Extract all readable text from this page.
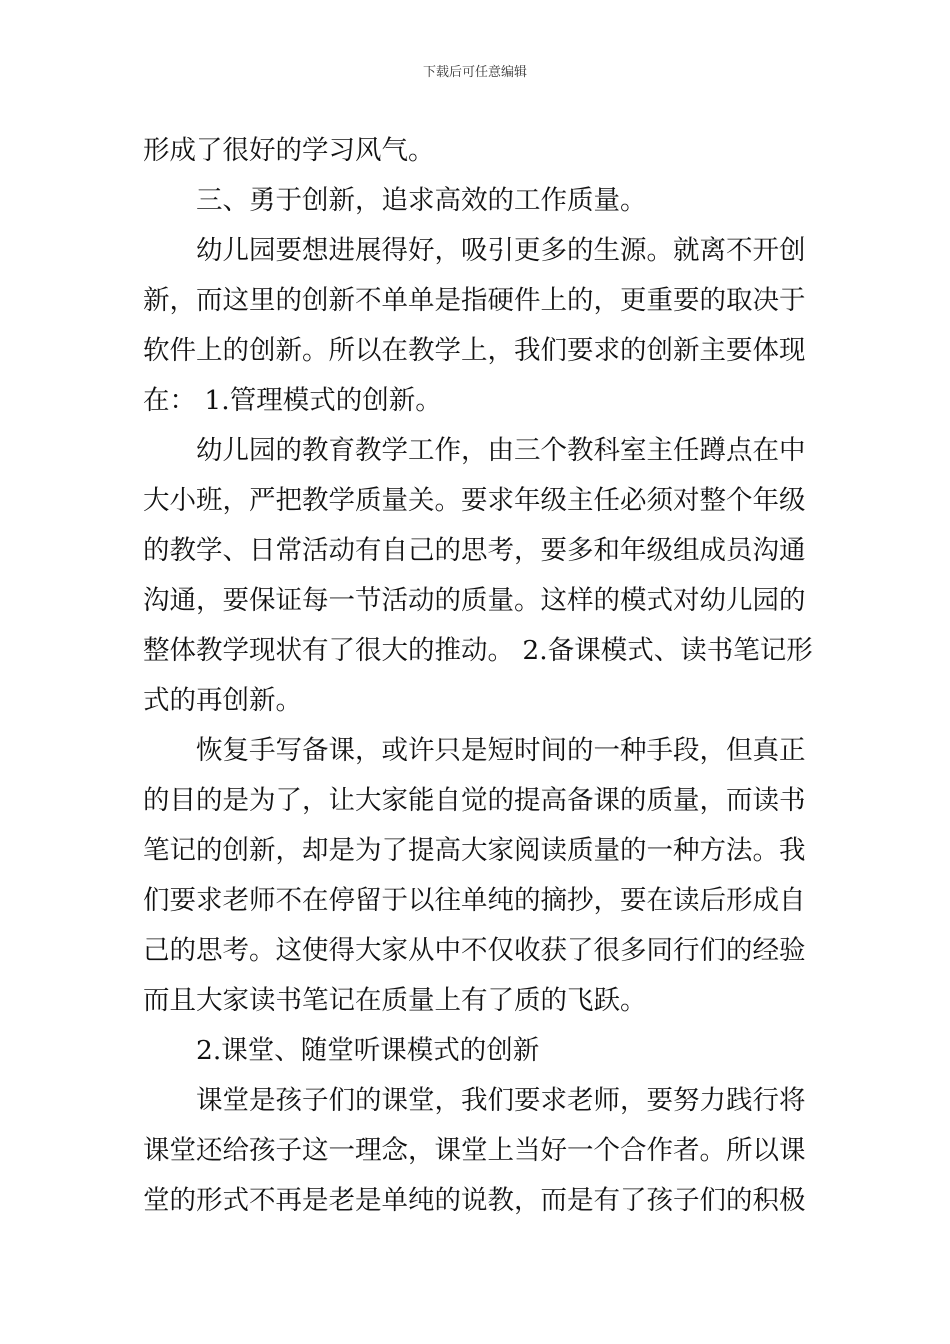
下载后可任意编辑
形成了很好的学习风气。
三、勇于创新，追求高效的工作质量。
幼儿园要想进展得好，吸引更多的生源。就离不开创
新，而这里的创新不单单是指硬件上的，更重要的取决于
软件上的创新。所以在教学上，我们要求的创新主要体现
在： 1.管理模式的创新。
幼儿园的教育教学工作，由三个教科室主任蹲点在中
大小班，严把教学质量关。要求年级主任必须对整个年级
的教学、日常活动有自己的思考，要多和年级组成员沟通
沟通，要保证每一节活动的质量。这样的模式对幼儿园的
整体教学现状有了很大的推动。 2.备课模式、读书笔记形
式的再创新。
恢复手写备课，或许只是短时间的一种手段，但真正
的目的是为了，让大家能自觉的提高备课的质量，而读书
笔记的创新，却是为了提高大家阅读质量的一种方法。我
们要求老师不在停留于以往单纯的摘抄，要在读后形成自
己的思考。这使得大家从中不仅收获了很多同行们的经验
而且大家读书笔记在质量上有了质的飞跃。
2.课堂、随堂听课模式的创新
课堂是孩子们的课堂，我们要求老师，要努力践行将
课堂还给孩子这一理念，课堂上当好一个合作者。所以课
堂的形式不再是老是单纯的说教，而是有了孩子们的积极
